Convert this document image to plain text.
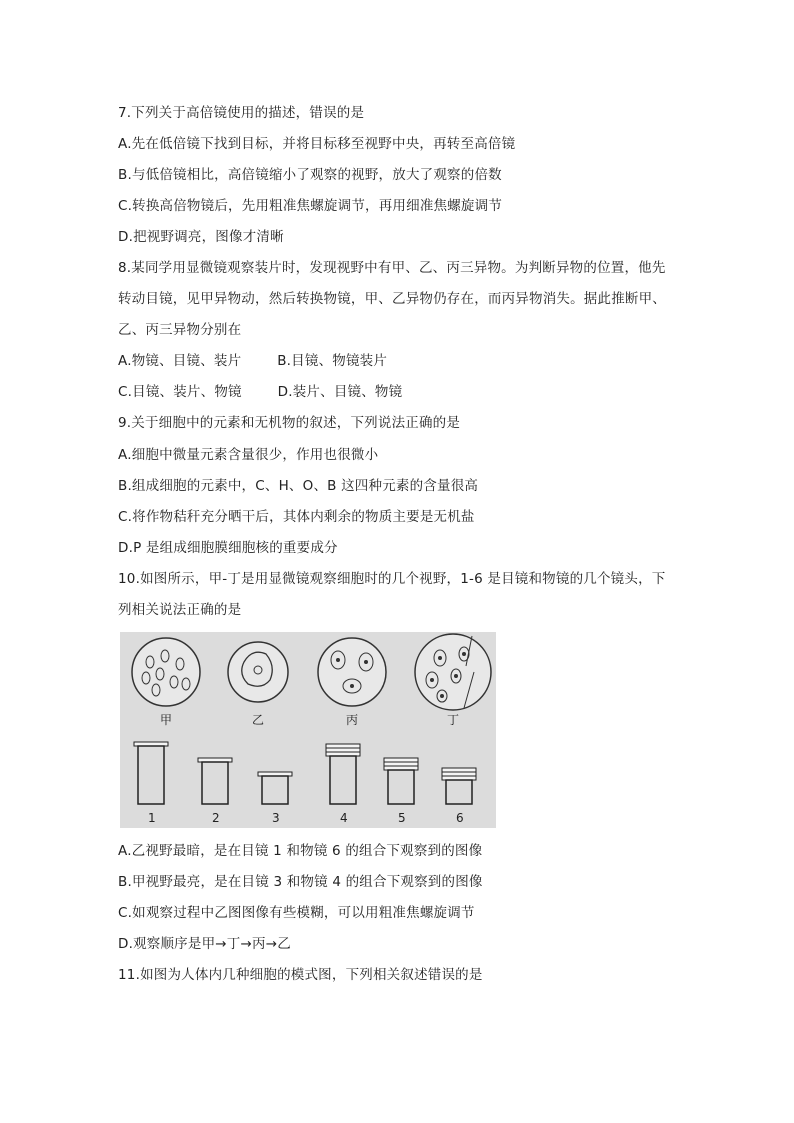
7.下列关于高倍镜使用的描述，错误的是
A.先在低倍镜下找到目标，并将目标移至视野中央，再转至高倍镜
B.与低倍镜相比，高倍镜缩小了观察的视野，放大了观察的倍数
C.转换高倍物镜后，先用粗准焦螺旋调节，再用细准焦螺旋调节
D.把视野调亮，图像才清晰
8.某同学用显微镜观察装片时，发现视野中有甲、乙、丙三异物。为判断异物的位置，他先
转动目镜，见甲异物动，然后转换物镜，甲、乙异物仍存在，而丙异物消失。据此推断甲、
乙、丙三异物分别在
A.物镜、目镜、装片        B.目镜、物镜装片
C.目镜、装片、物镜        D.装片、目镜、物镜
9.关于细胞中的元素和无机物的叙述，下列说法正确的是
A.细胞中微量元素含量很少，作用也很微小
B.组成细胞的元素中，C、H、O、B 这四种元素的含量很高
C.将作物秸秆充分晒干后，其体内剩余的物质主要是无机盐
D.P 是组成细胞膜细胞核的重要成分
10.如图所示，甲-丁是用显微镜观察细胞时的几个视野，1-6 是目镜和物镜的几个镜头，下
列相关说法正确的是
甲	乙	丙	丁
1	2	3	4	5	6
A.乙视野最暗，是在目镜 1 和物镜 6 的组合下观察到的图像
B.甲视野最亮，是在目镜 3 和物镜 4 的组合下观察到的图像
C.如观察过程中乙图图像有些模糊，可以用粗准焦螺旋调节
D.观察顺序是甲→丁→丙→乙
11.如图为人体内几种细胞的模式图，下列相关叙述错误的是
